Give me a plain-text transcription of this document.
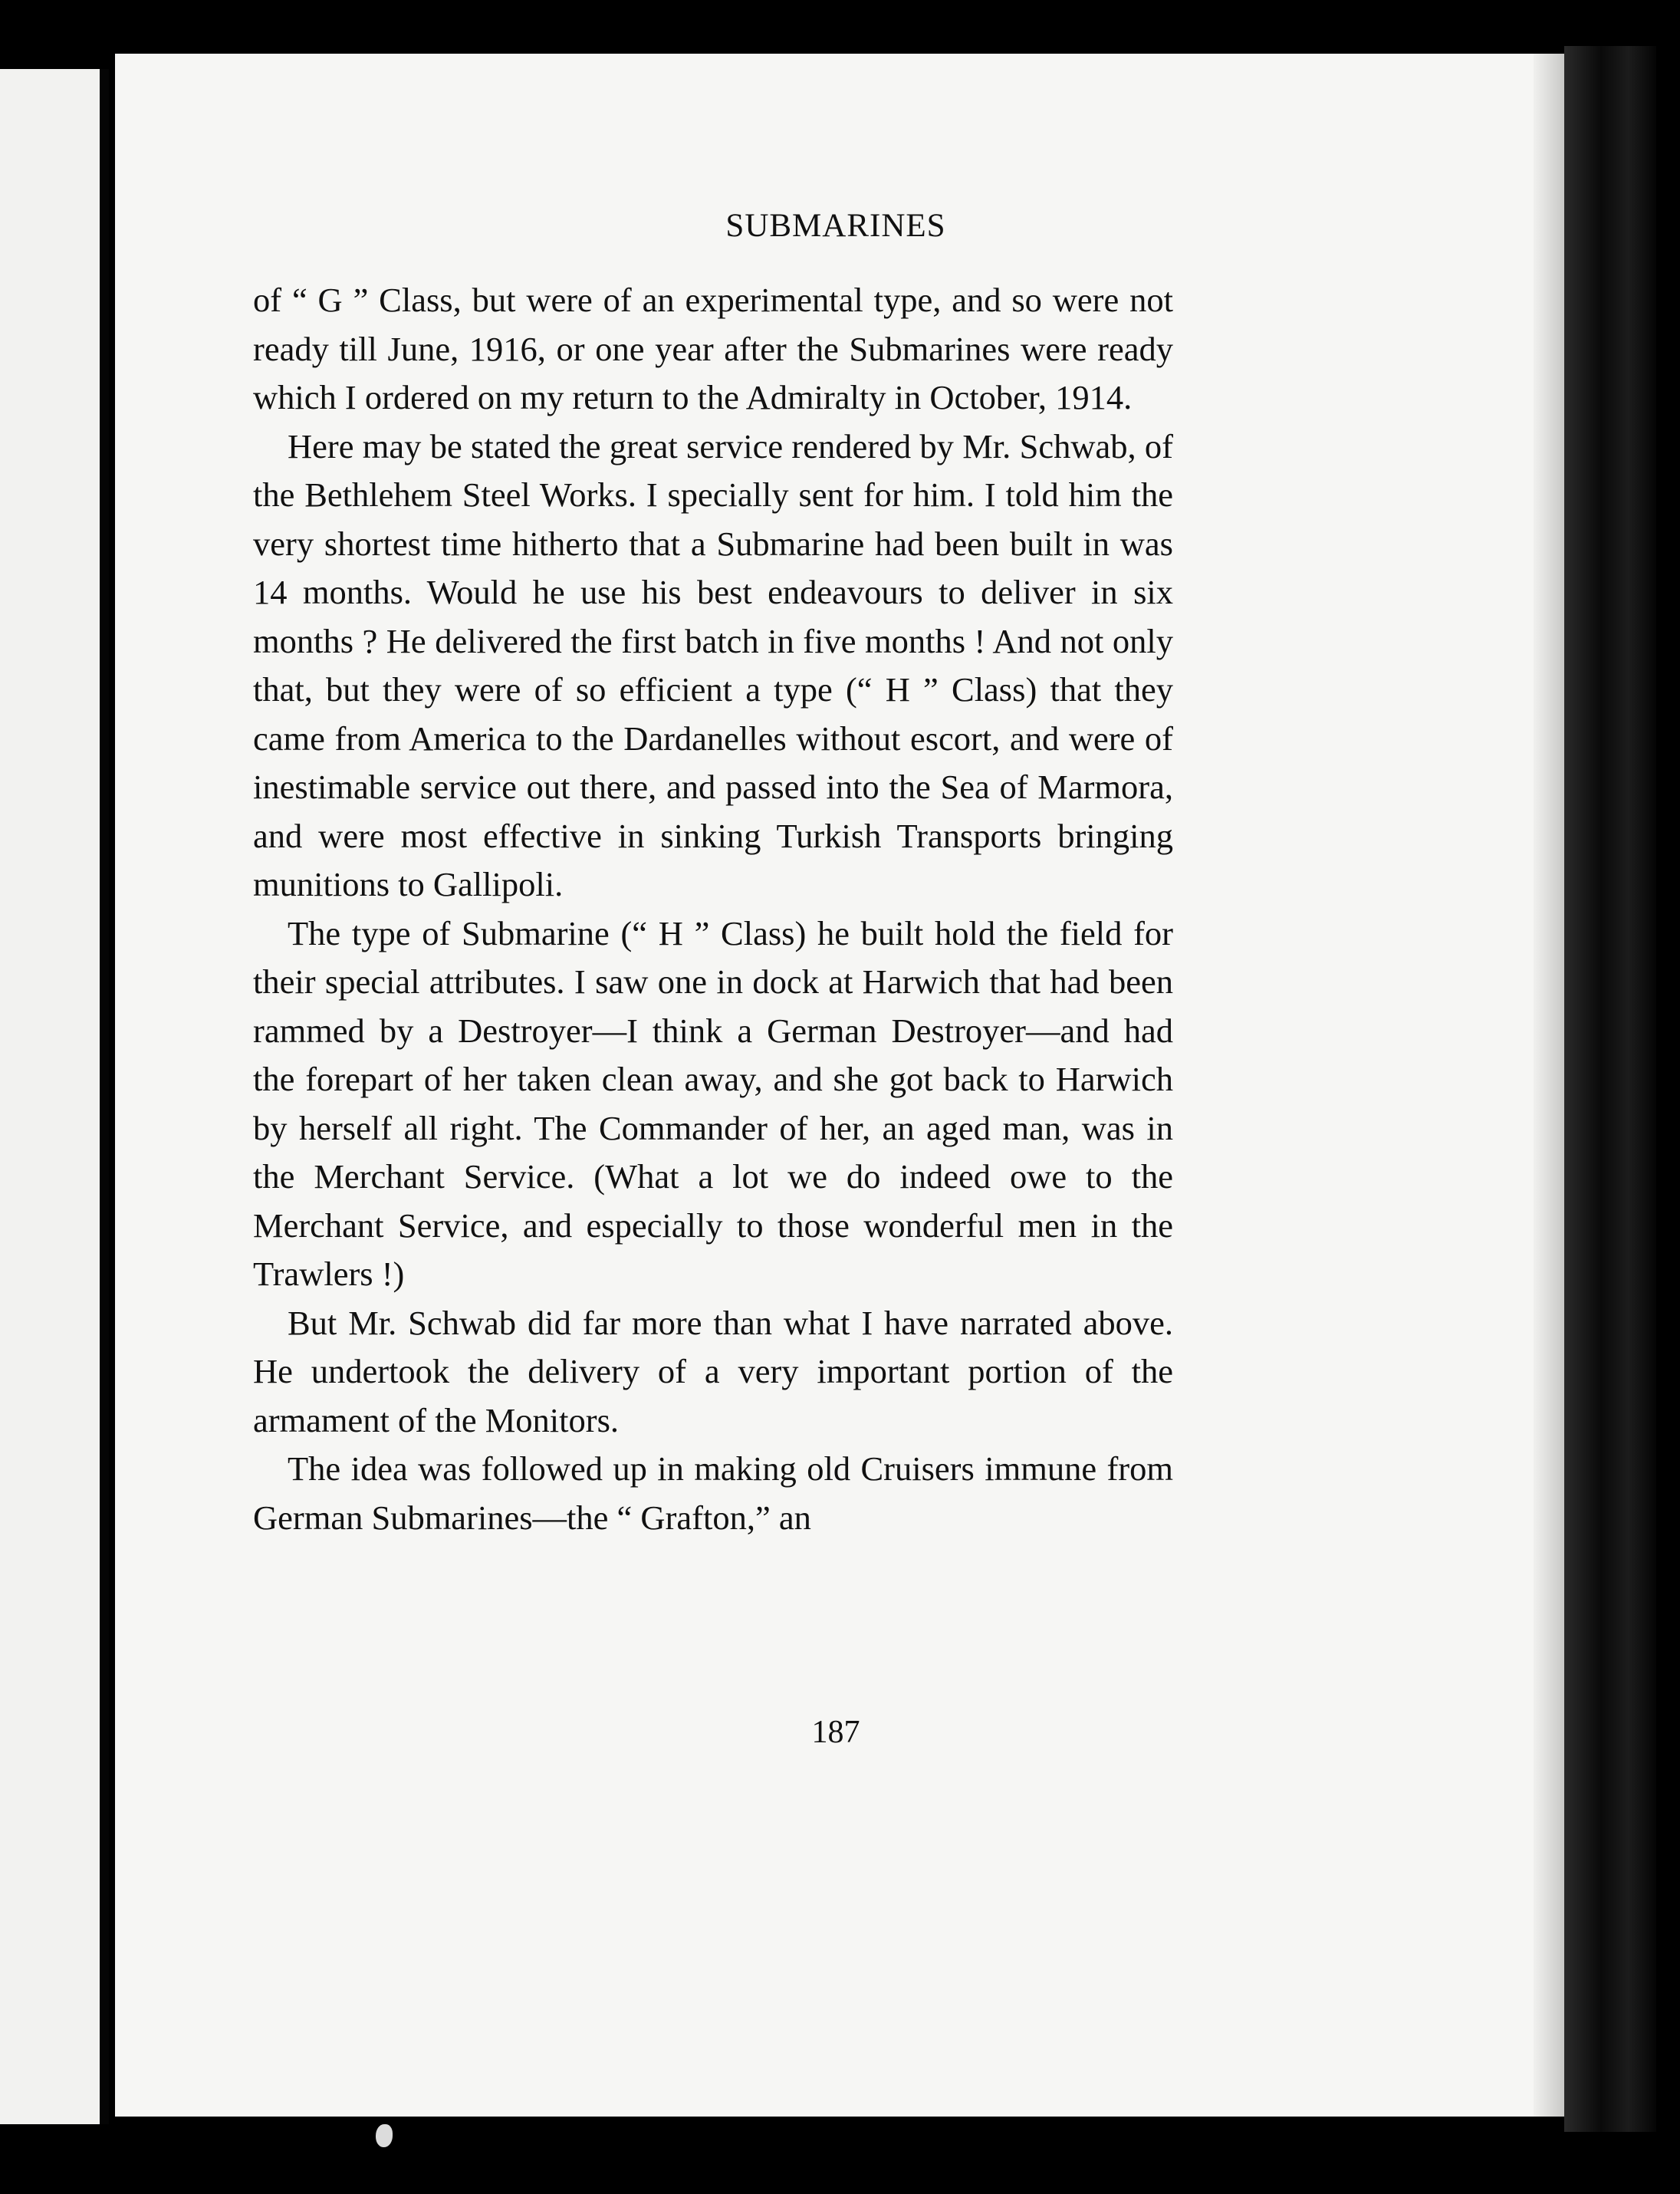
SUBMARINES

of “ G ” Class, but were of an experimental type, and so were not ready till June, 1916, or one year after the Submarines were ready which I ordered on my return to the Admiralty in October, 1914.

Here may be stated the great service rendered by Mr. Schwab, of the Bethlehem Steel Works. I specially sent for him. I told him the very shortest time hitherto that a Submarine had been built in was 14 months. Would he use his best endeavours to deliver in six months ? He delivered the first batch in five months ! And not only that, but they were of so efficient a type (“ H ” Class) that they came from America to the Dardanelles without escort, and were of inestimable service out there, and passed into the Sea of Marmora, and were most effective in sinking Turkish Transports bringing munitions to Gallipoli.

The type of Submarine (“ H ” Class) he built hold the field for their special attributes. I saw one in dock at Harwich that had been rammed by a Destroyer—I think a German Destroyer—and had the forepart of her taken clean away, and she got back to Harwich by herself all right. The Commander of her, an aged man, was in the Merchant Service. (What a lot we do indeed owe to the Merchant Service, and especially to those wonderful men in the Trawlers !)

But Mr. Schwab did far more than what I have narrated above. He undertook the delivery of a very important portion of the armament of the Monitors.

The idea was followed up in making old Cruisers immune from German Submarines—the “ Grafton,” an

187
